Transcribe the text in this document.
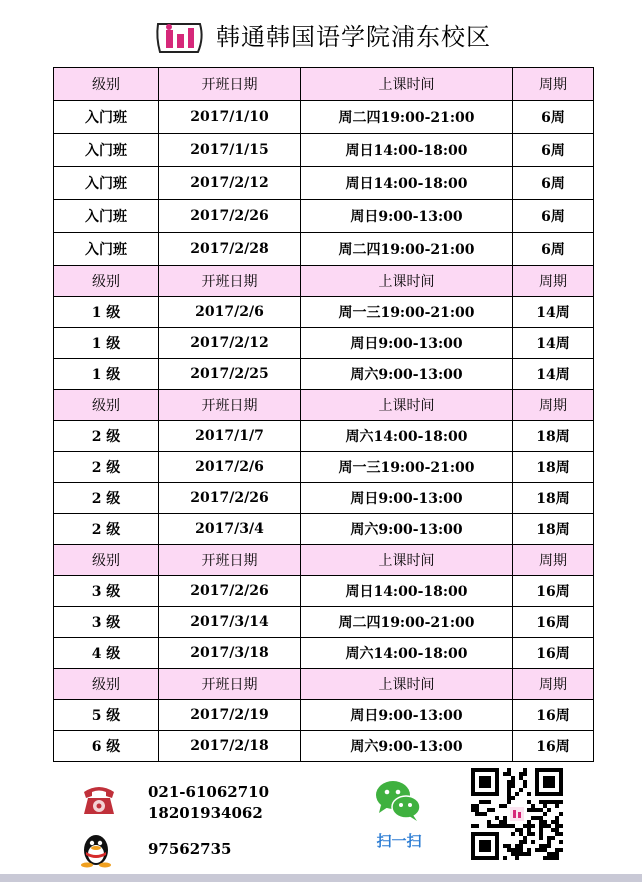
韩通韩国语学院浦东校区
级别	开班日期	上课时间	周期
入门班	2017/1/10	周二四19:00-21:00	6周
入门班	2017/1/15	周日14:00-18:00	6周
入门班	2017/2/12	周日14:00-18:00	6周
入门班	2017/2/26	周日9:00-13:00	6周
入门班	2017/2/28	周二四19:00-21:00	6周
级别	开班日期	上课时间	周期
1 级	2017/2/6	周一三19:00-21:00	14周
1 级	2017/2/12	周日9:00-13:00	14周
1 级	2017/2/25	周六9:00-13:00	14周
级别	开班日期	上课时间	周期
2 级	2017/1/7	周六14:00-18:00	18周
2 级	2017/2/6	周一三19:00-21:00	18周
2 级	2017/2/26	周日9:00-13:00	18周
2 级	2017/3/4	周六9:00-13:00	18周
级别	开班日期	上课时间	周期
3 级	2017/2/26	周日14:00-18:00	16周
3 级	2017/3/14	周二四19:00-21:00	16周
4 级	2017/3/18	周六14:00-18:00	16周
级别	开班日期	上课时间	周期
5 级	2017/2/19	周日9:00-13:00	16周
6 级	2017/2/18	周六9:00-13:00	16周
021-61062710
18201934062
97562735	扫一扫
